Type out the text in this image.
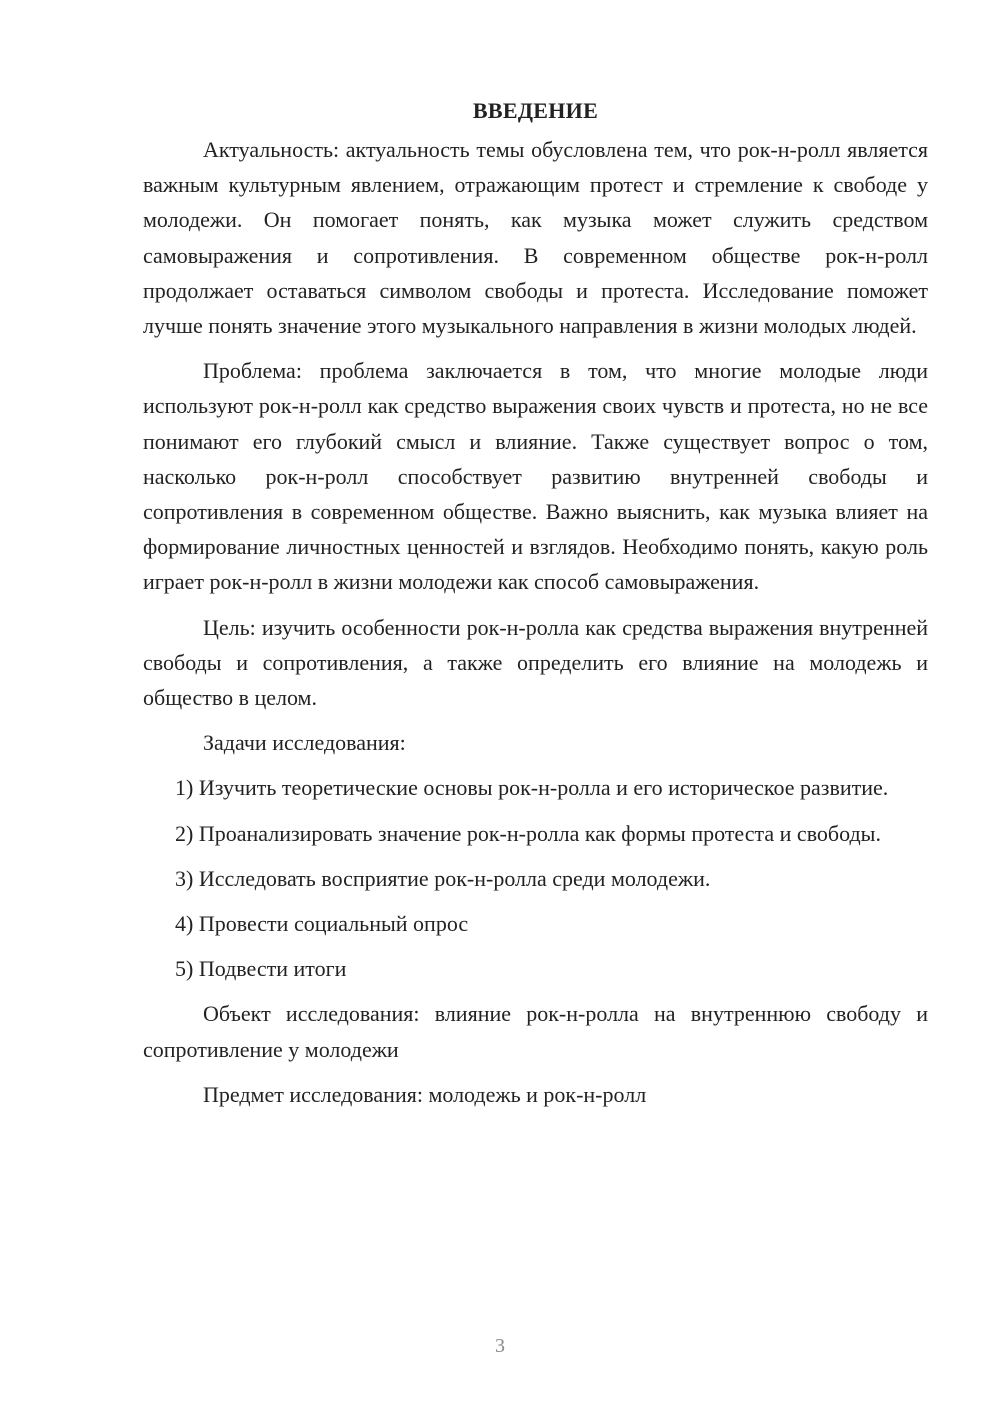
ВВЕДЕНИЕ

Актуальность: актуальность темы обусловлена тем, что рок-н-ролл является важным культурным явлением, отражающим протест и стремление к свободе у молодежи. Он помогает понять, как музыка может служить средством самовыражения и сопротивления. В современном обществе рок-н-ролл продолжает оставаться символом свободы и протеста. Исследование поможет лучше понять значение этого музыкального направления в жизни молодых людей.

Проблема: проблема заключается в том, что многие молодые люди используют рок-н-ролл как средство выражения своих чувств и протеста, но не все понимают его глубокий смысл и влияние. Также существует вопрос о том, насколько рок-н-ролл способствует развитию внутренней свободы и сопротивления в современном обществе. Важно выяснить, как музыка влияет на формирование личностных ценностей и взглядов. Необходимо понять, какую роль играет рок-н-ролл в жизни молодежи как способ самовыражения.

Цель: изучить особенности рок-н-ролла как средства выражения внутренней свободы и сопротивления, а также определить его влияние на молодежь и общество в целом.

Задачи исследования:

1) Изучить теоретические основы рок-н-ролла и его историческое развитие.

2) Проанализировать значение рок-н-ролла как формы протеста и свободы.

3) Исследовать восприятие рок-н-ролла среди молодежи.

4) Провести социальный опрос

5) Подвести итоги

Объект исследования: влияние рок-н-ролла на внутреннюю свободу и сопротивление у молодежи

Предмет исследования: молодежь и рок-н-ролл

3
